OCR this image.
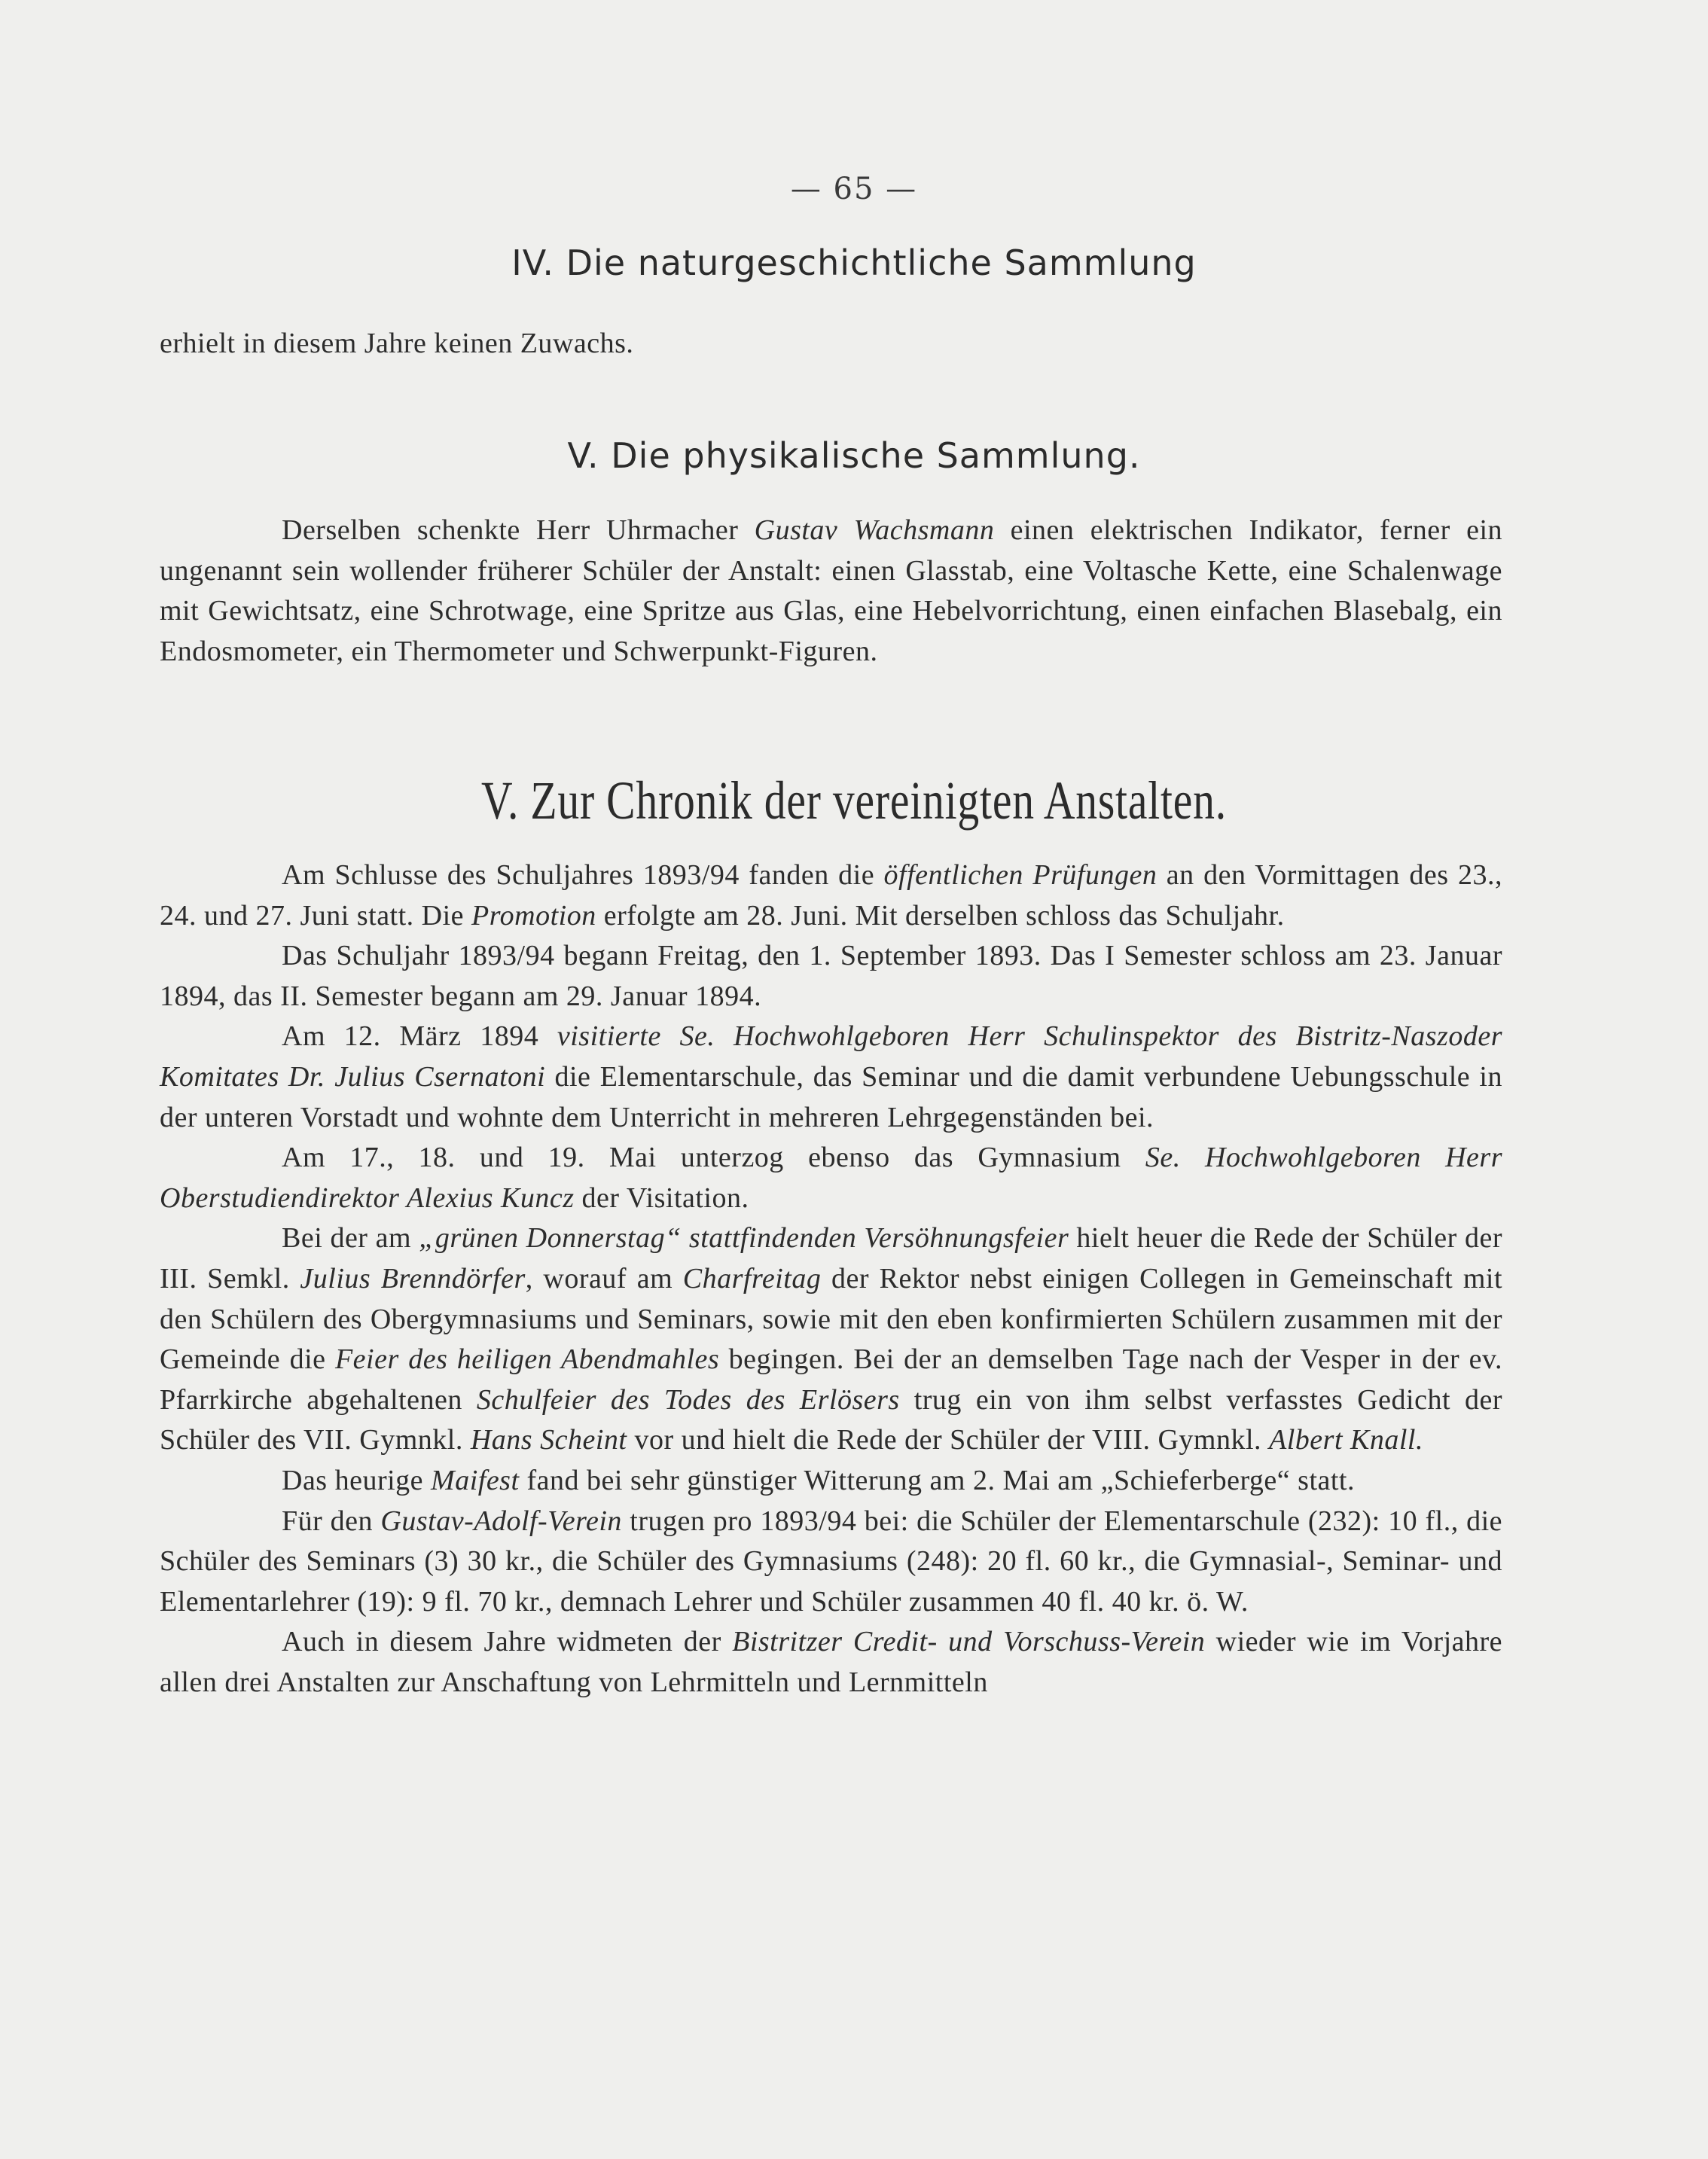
— 65 —
IV. Die naturgeschichtliche Sammlung

erhielt in diesem Jahre keinen Zuwachs.

V. Die physikalische Sammlung.

Derselben schenkte Herr Uhrmacher Gustav Wachsmann einen elektrischen Indikator, ferner ein ungenannt sein wollender früherer Schüler der Anstalt: einen Glasstab, eine Voltasche Kette, eine Schalenwage mit Gewichtsatz, eine Schrotwage, eine Spritze aus Glas, eine Hebelvorrichtung, einen einfachen Blasebalg, ein Endosmometer, ein Thermometer und Schwerpunkt-Figuren.

V. Zur Chronik der vereinigten Anstalten.

Am Schlusse des Schuljahres 1893/94 fanden die öffentlichen Prüfungen an den Vormittagen des 23., 24. und 27. Juni statt. Die Promotion erfolgte am 28. Juni. Mit derselben schloss das Schuljahr.

Das Schuljahr 1893/94 begann Freitag, den 1. September 1893. Das I Semester schloss am 23. Januar 1894, das II. Semester begann am 29. Januar 1894.

Am 12. März 1894 visitierte Se. Hochwohlgeboren Herr Schulinspektor des Bistritz-Naszoder Komitates Dr. Julius Csernatoni die Elementarschule, das Seminar und die damit verbundene Uebungsschule in der unteren Vorstadt und wohnte dem Unterricht in mehreren Lehrgegenständen bei.

Am 17., 18. und 19. Mai unterzog ebenso das Gymnasium Se. Hochwohlgeboren Herr Oberstudiendirektor Alexius Kuncz der Visitation.

Bei der am „grünen Donnerstag“ stattfindenden Versöhnungsfeier hielt heuer die Rede der Schüler der III. Semkl. Julius Brenndörfer, worauf am Charfreitag der Rektor nebst einigen Collegen in Gemeinschaft mit den Schülern des Obergymnasiums und Seminars, sowie mit den eben konfirmierten Schülern zusammen mit der Gemeinde die Feier des heiligen Abendmahles begingen. Bei der an demselben Tage nach der Vesper in der ev. Pfarrkirche abgehaltenen Schulfeier des Todes des Erlösers trug ein von ihm selbst verfasstes Gedicht der Schüler des VII. Gymnkl. Hans Scheint vor und hielt die Rede der Schüler der VIII. Gymnkl. Albert Knall.

Das heurige Maifest fand bei sehr günstiger Witterung am 2. Mai am „Schieferberge“ statt.

Für den Gustav-Adolf-Verein trugen pro 1893/94 bei: die Schüler der Elementarschule (232): 10 fl., die Schüler des Seminars (3) 30 kr., die Schüler des Gymnasiums (248): 20 fl. 60 kr., die Gymnasial-, Seminar- und Elementarlehrer (19): 9 fl. 70 kr., demnach Lehrer und Schüler zusammen 40 fl. 40 kr. ö. W.

Auch in diesem Jahre widmeten der Bistritzer Credit- und Vorschuss-Verein wieder wie im Vorjahre allen drei Anstalten zur Anschaftung von Lehrmitteln und Lernmitteln
